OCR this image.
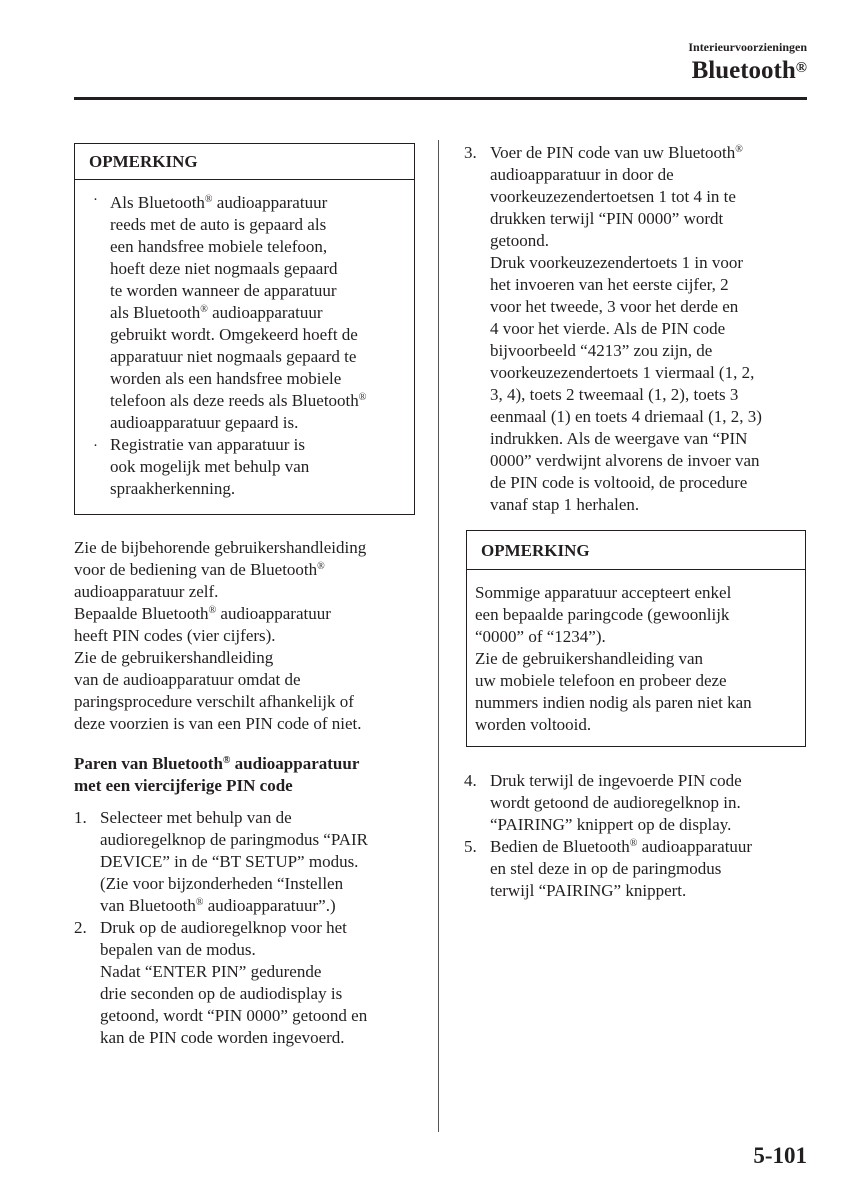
Interieurvoorzieningen
Bluetooth®
OPMERKING
· Als Bluetooth® audioapparatuur
reeds met de auto is gepaard als
een handsfree mobiele telefoon,
hoeft deze niet nogmaals gepaard
te worden wanneer de apparatuur
als Bluetooth® audioapparatuur
gebruikt wordt. Omgekeerd hoeft de
apparatuur niet nogmaals gepaard te
worden als een handsfree mobiele
telefoon als deze reeds als Bluetooth®
audioapparatuur gepaard is.
· Registratie van apparatuur is
ook mogelijk met behulp van
spraakherkenning.
Zie de bijbehorende gebruikershandleiding
voor de bediening van de Bluetooth®
audioapparatuur zelf.
Bepaalde Bluetooth® audioapparatuur
heeft PIN codes (vier cijfers).
Zie de gebruikershandleiding
van de audioapparatuur omdat de
paringsprocedure verschilt afhankelijk of
deze voorzien is van een PIN code of niet.
Paren van Bluetooth® audioapparatuur
met een viercijferige PIN code
1. Selecteer met behulp van de
audioregelknop de paringmodus “PAIR
DEVICE” in de “BT SETUP” modus.
(Zie voor bijzonderheden “Instellen
van Bluetooth® audioapparatuur”.)
2. Druk op de audioregelknop voor het
bepalen van de modus.
Nadat “ENTER PIN” gedurende
drie seconden op de audiodisplay is
getoond, wordt “PIN 0000” getoond en
kan de PIN code worden ingevoerd.
3. Voer de PIN code van uw Bluetooth®
audioapparatuur in door de
voorkeuzezendertoetsen 1 tot 4 in te
drukken terwijl “PIN 0000” wordt
getoond.
Druk voorkeuzezendertoets 1 in voor
het invoeren van het eerste cijfer, 2
voor het tweede, 3 voor het derde en
4 voor het vierde. Als de PIN code
bijvoorbeeld “4213” zou zijn, de
voorkeuzezendertoets 1 viermaal (1, 2,
3, 4), toets 2 tweemaal (1, 2), toets 3
eenmaal (1) en toets 4 driemaal (1, 2, 3)
indrukken. Als de weergave van “PIN
0000” verdwijnt alvorens de invoer van
de PIN code is voltooid, de procedure
vanaf stap 1 herhalen.
OPMERKING
Sommige apparatuur accepteert enkel
een bepaalde paringcode (gewoonlijk
“0000” of “1234”).
Zie de gebruikershandleiding van
uw mobiele telefoon en probeer deze
nummers indien nodig als paren niet kan
worden voltooid.
4. Druk terwijl de ingevoerde PIN code
wordt getoond de audioregelknop in.
“PAIRING” knippert op de display.
5. Bedien de Bluetooth® audioapparatuur
en stel deze in op de paringmodus
terwijl “PAIRING” knippert.
5-101
